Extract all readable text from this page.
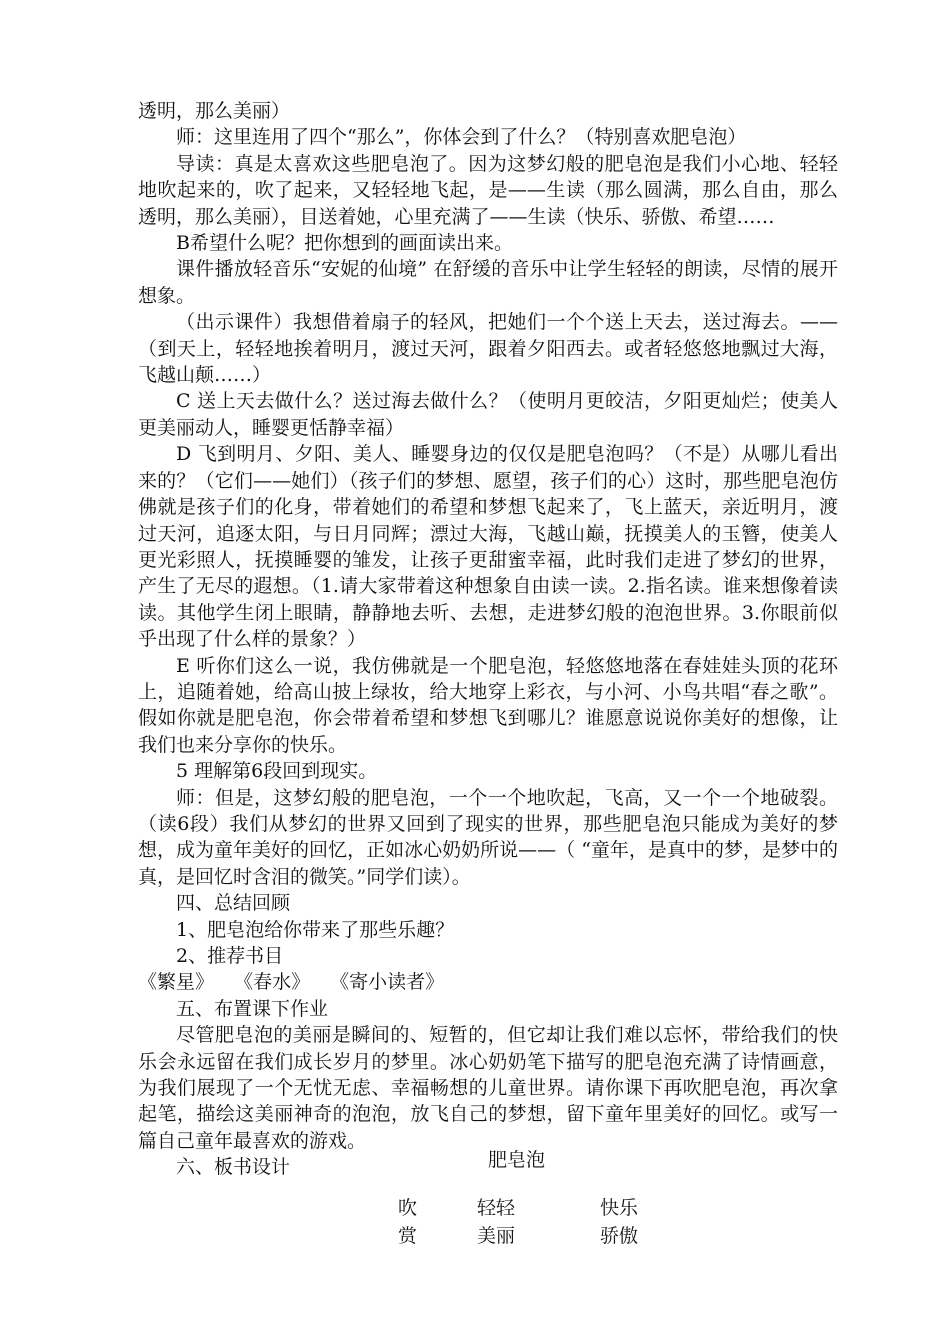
透明，那么美丽）

师：这里连用了四个“那么”，你体会到了什么？（特别喜欢肥皂泡）

导读：真是太喜欢这些肥皂泡了。因为这梦幻般的肥皂泡是我们小心地、轻轻地吹起来的，吹了起来，又轻轻地飞起，是——生读（那么圆满，那么自由，那么透明，那么美丽），目送着她，心里充满了——生读（快乐、骄傲、希望……

B希望什么呢？把你想到的画面读出来。

课件播放轻音乐“安妮的仙境” 在舒缓的音乐中让学生轻轻的朗读，尽情的展开想象。

（出示课件）我想借着扇子的轻风，把她们一个个送上天去，送过海去。——（到天上，轻轻地挨着明月，渡过天河，跟着夕阳西去。或者轻悠悠地飘过大海，飞越山颠……）

C 送上天去做什么？送过海去做什么？（使明月更皎洁，夕阳更灿烂；使美人更美丽动人，睡婴更恬静幸福）

D 飞到明月、夕阳、美人、睡婴身边的仅仅是肥皂泡吗？（不是）从哪儿看出来的？（它们——她们）（孩子们的梦想、愿望，孩子们的心）这时，那些肥皂泡仿佛就是孩子们的化身，带着她们的希望和梦想飞起来了，飞上蓝天，亲近明月，渡过天河，追逐太阳，与日月同辉；漂过大海，飞越山巅，抚摸美人的玉簪，使美人更光彩照人，抚摸睡婴的雏发，让孩子更甜蜜幸福，此时我们走进了梦幻的世界，产生了无尽的遐想。（1.请大家带着这种想象自由读一读。2.指名读。谁来想像着读读。其他学生闭上眼睛，静静地去听、去想，走进梦幻般的泡泡世界。3.你眼前似乎出现了什么样的景象？）

E 听你们这么一说，我仿佛就是一个肥皂泡，轻悠悠地落在春娃娃头顶的花环上，追随着她，给高山披上绿妆，给大地穿上彩衣，与小河、小鸟共唱“春之歌”。假如你就是肥皂泡，你会带着希望和梦想飞到哪儿？谁愿意说说你美好的想像，让我们也来分享你的快乐。

5 理解第6段回到现实。

师：但是，这梦幻般的肥皂泡，一个一个地吹起，飞高，又一个一个地破裂。（读6段）我们从梦幻的世界又回到了现实的世界，那些肥皂泡只能成为美好的梦想，成为童年美好的回忆，正如冰心奶奶所说——（ “童年，是真中的梦，是梦中的真，是回忆时含泪的微笑。”同学们读）。

四、总结回顾

1、肥皂泡给你带来了那些乐趣？

2、推荐书目

《繁星》 《春水》 《寄小读者》

五、布置课下作业

尽管肥皂泡的美丽是瞬间的、短暂的，但它却让我们难以忘怀，带给我们的快乐会永远留在我们成长岁月的梦里。冰心奶奶笔下描写的肥皂泡充满了诗情画意，为我们展现了一个无忧无虑、幸福畅想的儿童世界。请你课下再吹肥皂泡，再次拿起笔，描绘这美丽神奇的泡泡，放飞自己的梦想，留下童年里美好的回忆。或写一篇自己童年最喜欢的游戏。

六、板书设计	肥皂泡
吹
赏
轻轻
美丽
快乐
骄傲
